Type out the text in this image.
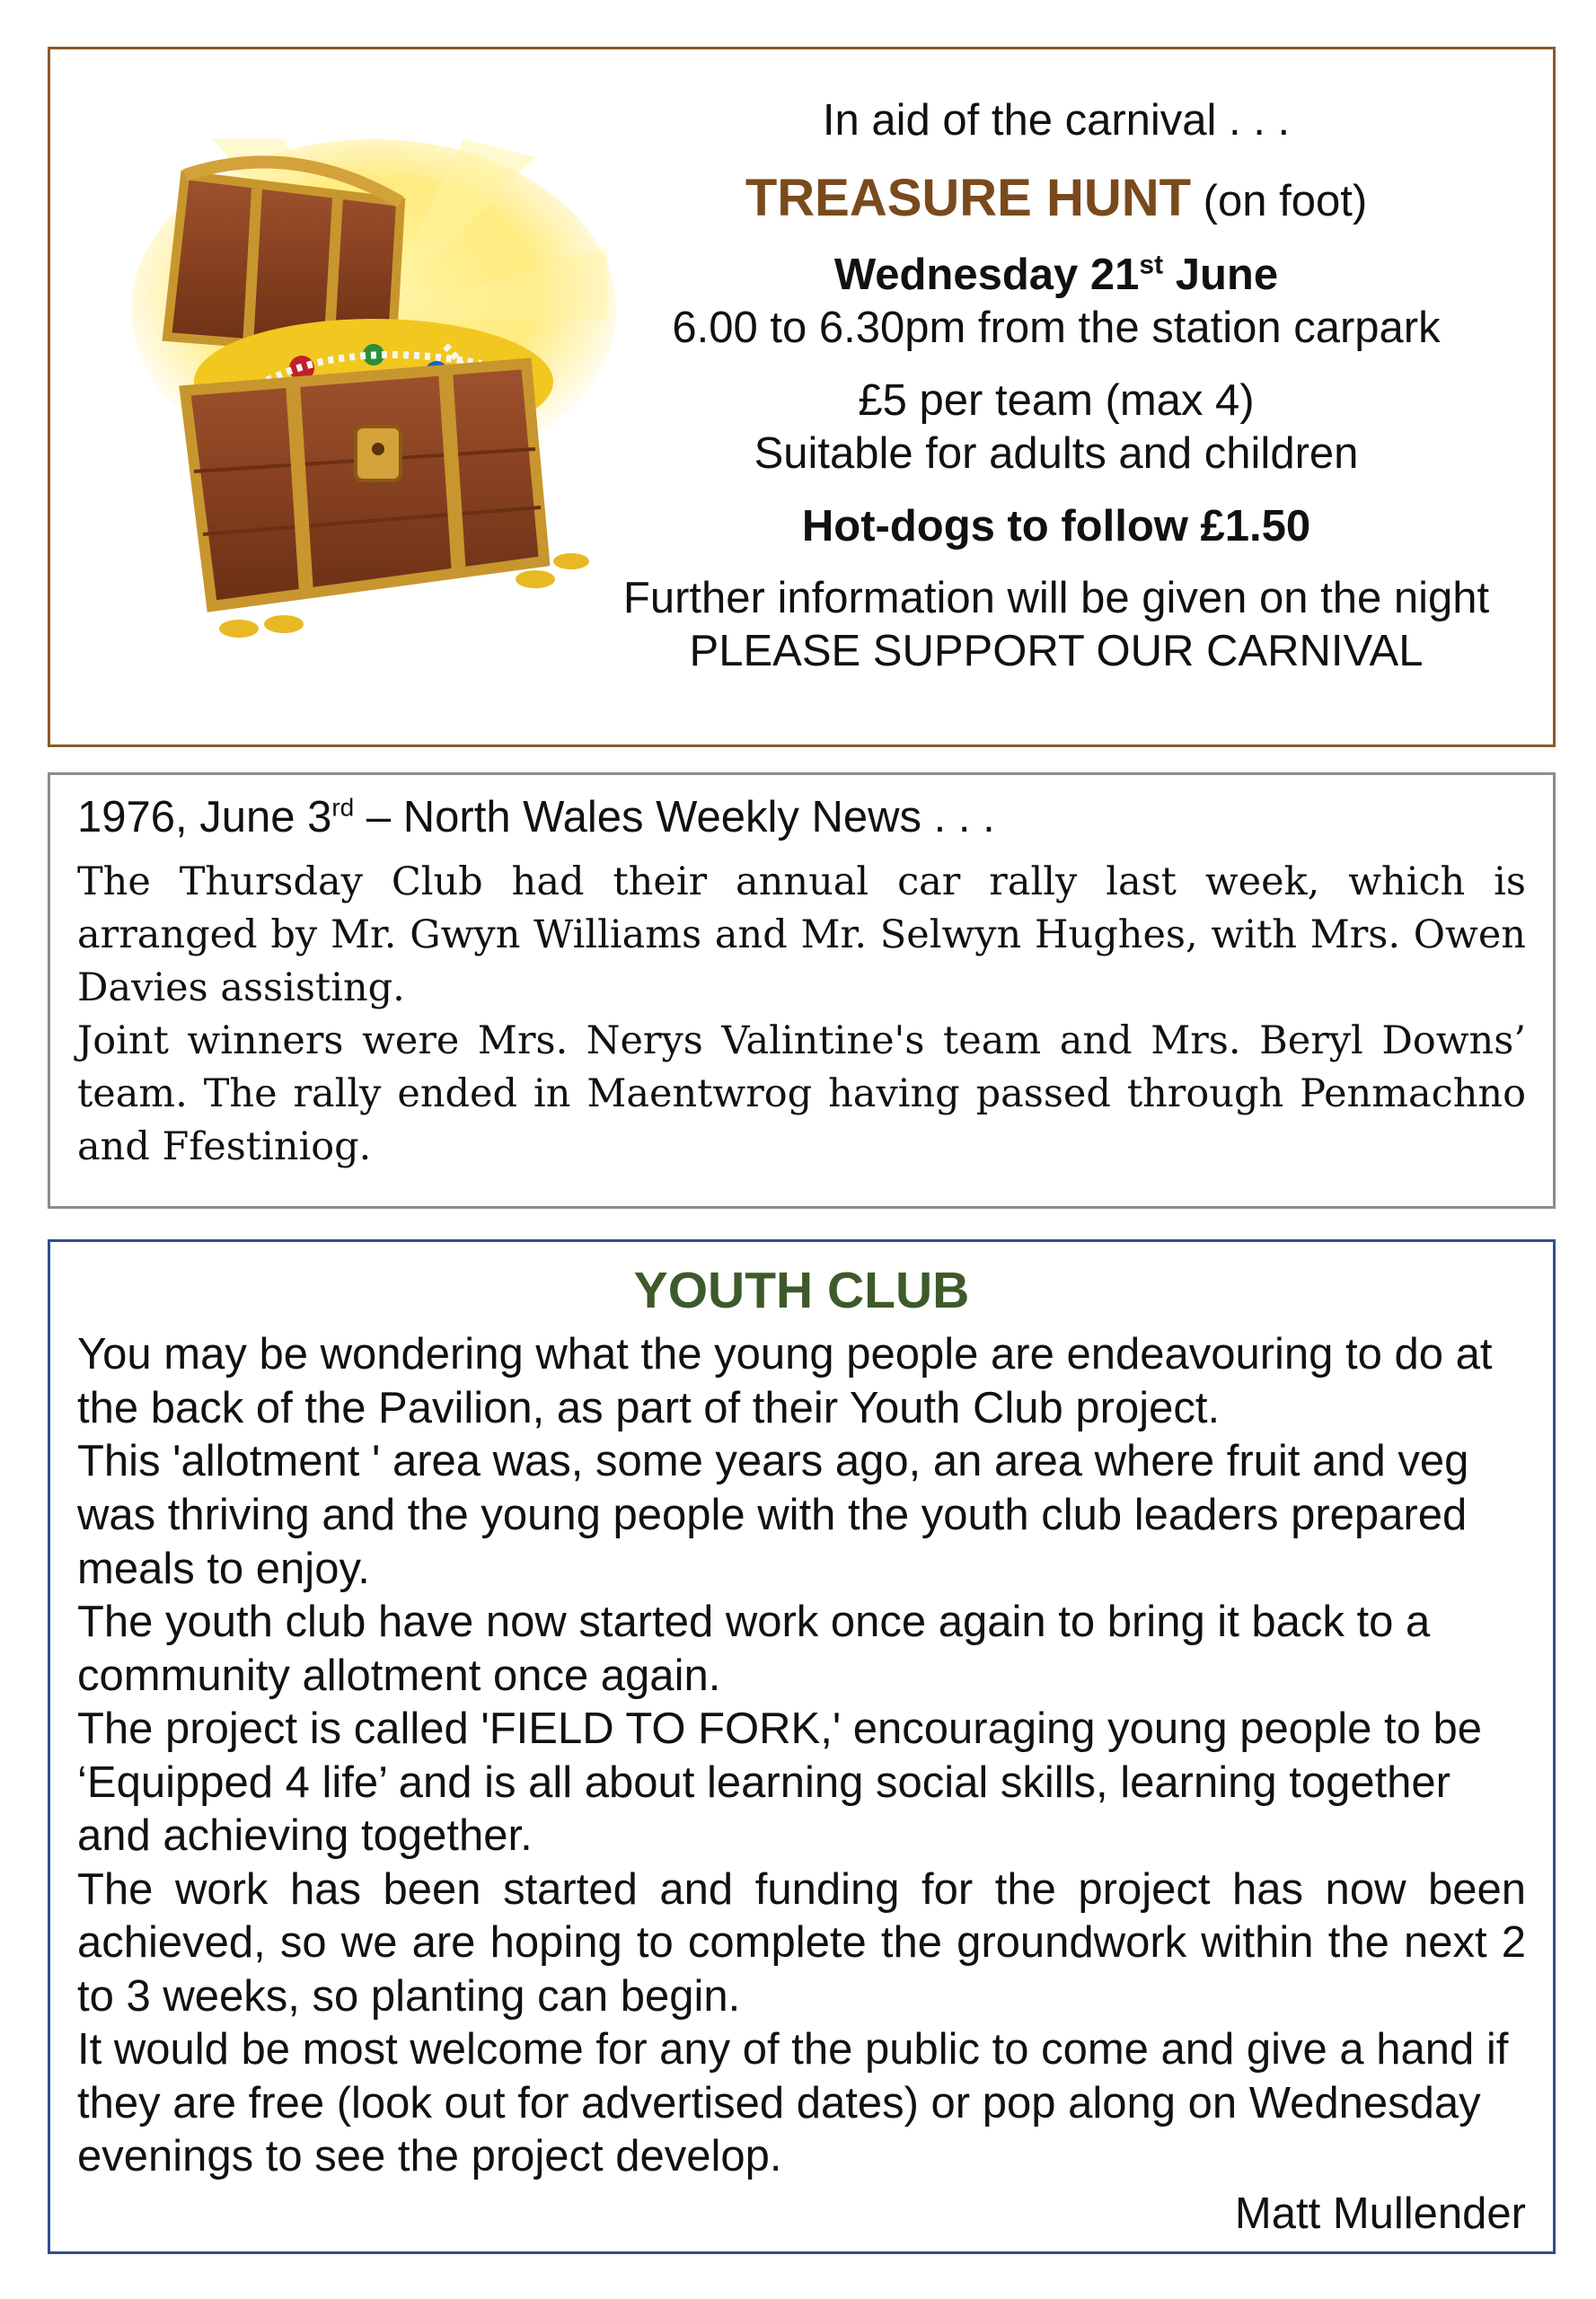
In aid of the carnival . . .

TREASURE HUNT (on foot)

Wednesday 21st June

6.00 to 6.30pm from the station carpark

£5 per team (max 4)

Suitable for adults and children

Hot-dogs to follow £1.50

Further information will be given on the night

PLEASE SUPPORT OUR CARNIVAL

1976, June 3rd – North Wales Weekly News . . .

The Thursday Club had their annual car rally last week, which is arranged by Mr. Gwyn Williams and Mr. Selwyn Hughes, with Mrs. Owen Davies assisting.

Joint winners were Mrs. Nerys Valintine's team and Mrs. Beryl Downs’ team. The rally ended in Maentwrog having passed through Penmachno and Ffestiniog.

YOUTH CLUB

You may be wondering what the young people are endeavouring to do at the back of the Pavilion, as part of their Youth Club project.

This 'allotment ' area was, some years ago, an area where fruit and veg was thriving and the young people with the youth club leaders prepared meals to enjoy.

The youth club have now started work once again to bring it back to a community allotment once again.

The project is called 'FIELD TO FORK,' encouraging young people to be ‘Equipped 4 life’ and is all about learning social skills, learning together and achieving together.

The work has been started and funding for the project has now been achieved, so we are hoping to complete the groundwork within the next 2 to 3 weeks, so planting can begin.

It would be most welcome for any of the public to come and give a hand if they are free (look out for advertised dates) or pop along on Wednesday evenings to see the project develop.

Matt Mullender
